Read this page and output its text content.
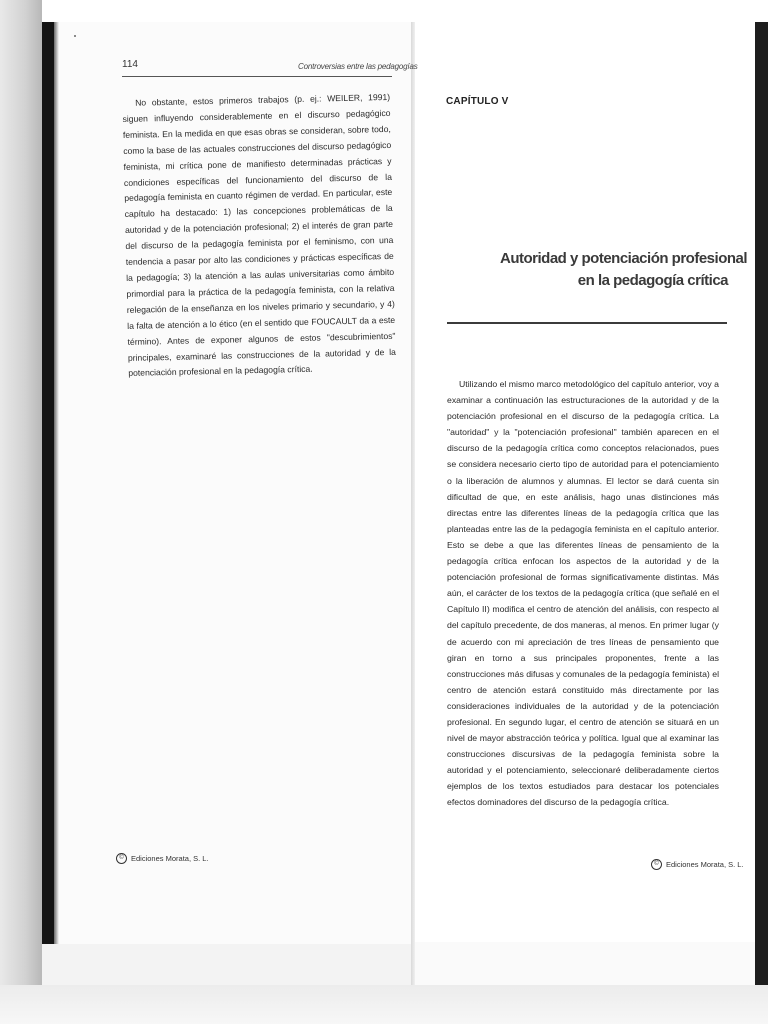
114	Controversias entre las pedagogías

No obstante, estos primeros trabajos (p. ej.: WEILER, 1991) siguen influyendo considerablemente en el discurso pedagógico feminista. En la medida en que esas obras se consideran, sobre todo, como la base de las actuales construcciones del discurso pedagógico feminista, mi crítica pone de manifiesto determinadas prácticas y condiciones específicas del funcionamiento del discurso de la pedagogía feminista en cuanto régimen de verdad. En particular, este capítulo ha destacado: 1) las concepciones problemáticas de la autoridad y de la potenciación profesional; 2) el interés de gran parte del discurso de la pedagogía feminista por el feminismo, con una tendencia a pasar por alto las condiciones y prácticas específicas de la pedagogía; 3) la atención a las aulas universitarias como ámbito primordial para la práctica de la pedagogía feminista, con la relativa relegación de la enseñanza en los niveles primario y secundario, y 4) la falta de atención a lo ético (en el sentido que FOUCAULT da a este término). Antes de exponer algunos de estos "descubrimientos" principales, examinaré las construcciones de la autoridad y de la potenciación profesional en la pedagogía crítica.

© Ediciones Morata, S. L.
CAPÍTULO V
Autoridad y potenciación profesional
en la pedagogía crítica

Utilizando el mismo marco metodológico del capítulo anterior, voy a examinar a continuación las estructuraciones de la autoridad y de la potenciación profesional en el discurso de la pedagogía crítica. La "autoridad" y la "potenciación profesional" también aparecen en el discurso de la pedagogía crítica como conceptos relacionados, pues se considera necesario cierto tipo de autoridad para el potenciamiento o la liberación de alumnos y alumnas. El lector se dará cuenta sin dificultad de que, en este análisis, hago unas distinciones más directas entre las diferentes líneas de la pedagogía crítica que las planteadas entre las de la pedagogía feminista en el capítulo anterior. Esto se debe a que las diferentes líneas de pensamiento de la pedagogía crítica enfocan los aspectos de la autoridad y de la potenciación profesional de formas significativamente distintas. Más aún, el carácter de los textos de la pedagogía crítica (que señalé en el Capítulo II) modifica el centro de atención del análisis, con respecto al del capítulo precedente, de dos maneras, al menos. En primer lugar (y de acuerdo con mi apreciación de tres líneas de pensamiento que giran en torno a sus principales proponentes, frente a las construcciones más difusas y comunales de la pedagogía feminista) el centro de atención estará constituido más directamente por las consideraciones individuales de la autoridad y de la potenciación profesional. En segundo lugar, el centro de atención se situará en un nivel de mayor abstracción teórica y política. Igual que al examinar las construcciones discursivas de la pedagogía feminista sobre la autoridad y el potenciamiento, seleccionaré deliberadamente ciertos ejemplos de los textos estudiados para destacar los potenciales efectos dominadores del discurso de la pedagogía crítica.

© Ediciones Morata, S. L.
